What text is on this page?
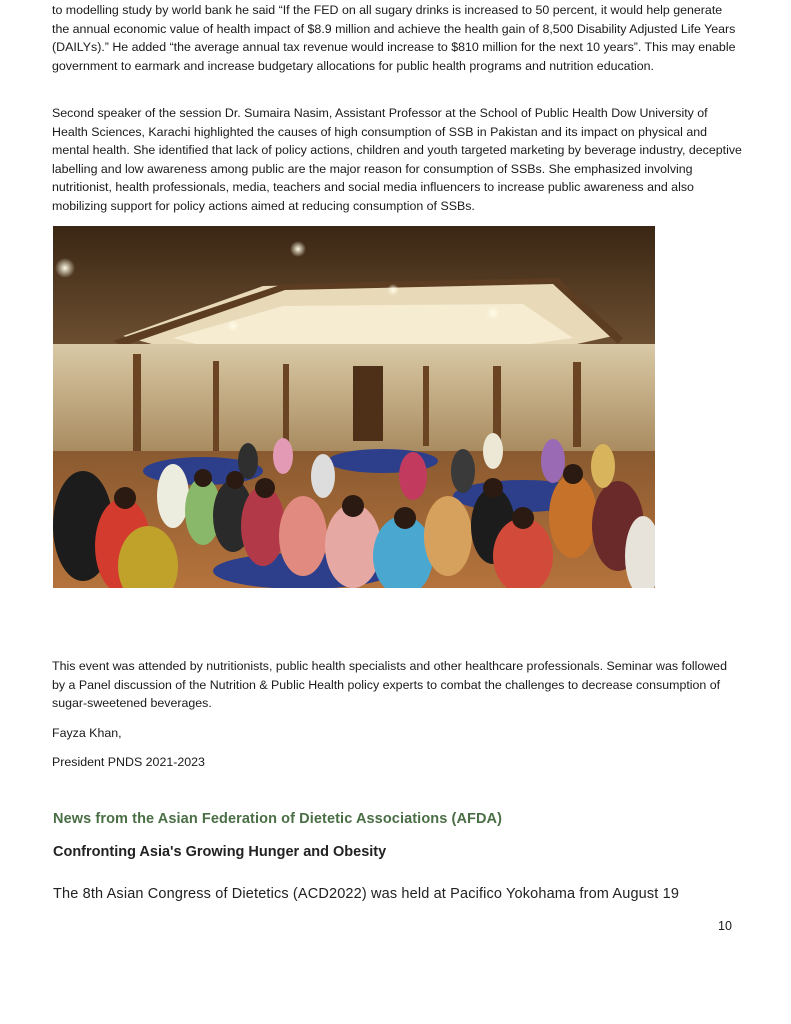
to modelling study by world bank he said “If the FED on all sugary drinks is increased to 50 percent, it would help generate the annual economic value of health impact of $8.9 million and achieve the health gain of 8,500 Disability Adjusted Life Years (DAILYs).” He added “the average annual tax revenue would increase to $810 million for the next 10 years”. This may enable government to earmark and increase budgetary allocations for public health programs and nutrition education.

Second speaker of the session Dr. Sumaira Nasim, Assistant Professor at the School of Public Health Dow University of Health Sciences, Karachi highlighted the causes of high consumption of SSB in Pakistan and its impact on physical and mental health. She identified that lack of policy actions, children and youth targeted marketing by beverage industry, deceptive labelling and low awareness among public are the major reason for consumption of SSBs. She emphasized involving nutritionist, health professionals, media, teachers and social media influencers to increase public awareness and also mobilizing support for policy actions aimed at reducing consumption of SSBs.

This event was attended by nutritionists, public health specialists and other healthcare professionals. Seminar was followed by a Panel discussion of the Nutrition & Public Health policy experts to combat the challenges to decrease consumption of sugar-sweetened beverages.

Fayza Khan,

President PNDS 2021-2023

News from the Asian Federation of Dietetic Associations (AFDA)
Confronting Asia's Growing Hunger and Obesity

The 8th Asian Congress of Dietetics (ACD2022) was held at Pacifico Yokohama from August 19

10
